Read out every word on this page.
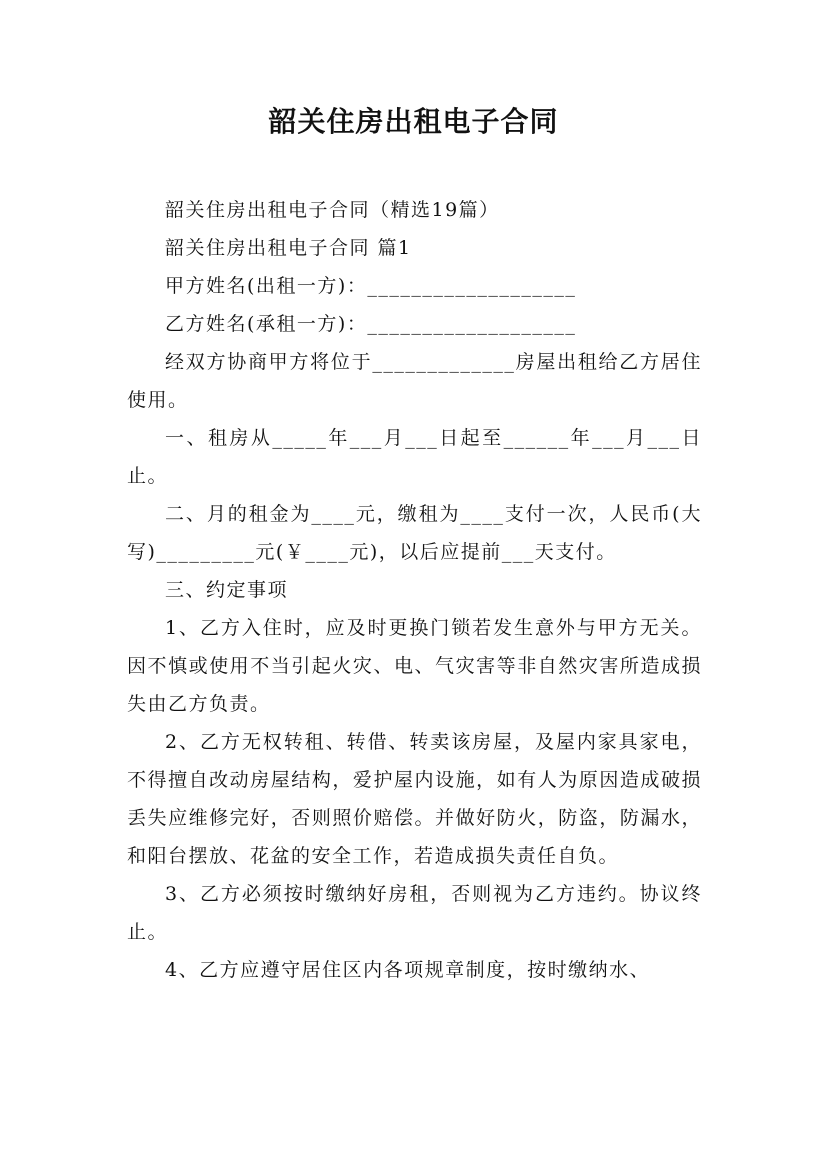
韶关住房出租电子合同

韶关住房出租电子合同（精选19篇）

韶关住房出租电子合同 篇1

甲方姓名(出租一方)：___________________

乙方姓名(承租一方)：___________________

经双方协商甲方将位于_____________房屋出租给乙方居住使用。

一、租房从_____年___月___日起至______年___月___日止。

二、月的租金为____元，缴租为____支付一次，人民币(大写)_________元(￥____元)，以后应提前___天支付。

三、约定事项

1、乙方入住时，应及时更换门锁若发生意外与甲方无关。因不慎或使用不当引起火灾、电、气灾害等非自然灾害所造成损失由乙方负责。

2、乙方无权转租、转借、转卖该房屋，及屋内家具家电，不得擅自改动房屋结构，爱护屋内设施，如有人为原因造成破损丢失应维修完好，否则照价赔偿。并做好防火，防盗，防漏水，和阳台摆放、花盆的安全工作，若造成损失责任自负。

3、乙方必须按时缴纳好房租，否则视为乙方违约。协议终止。

4、乙方应遵守居住区内各项规章制度，按时缴纳水、
